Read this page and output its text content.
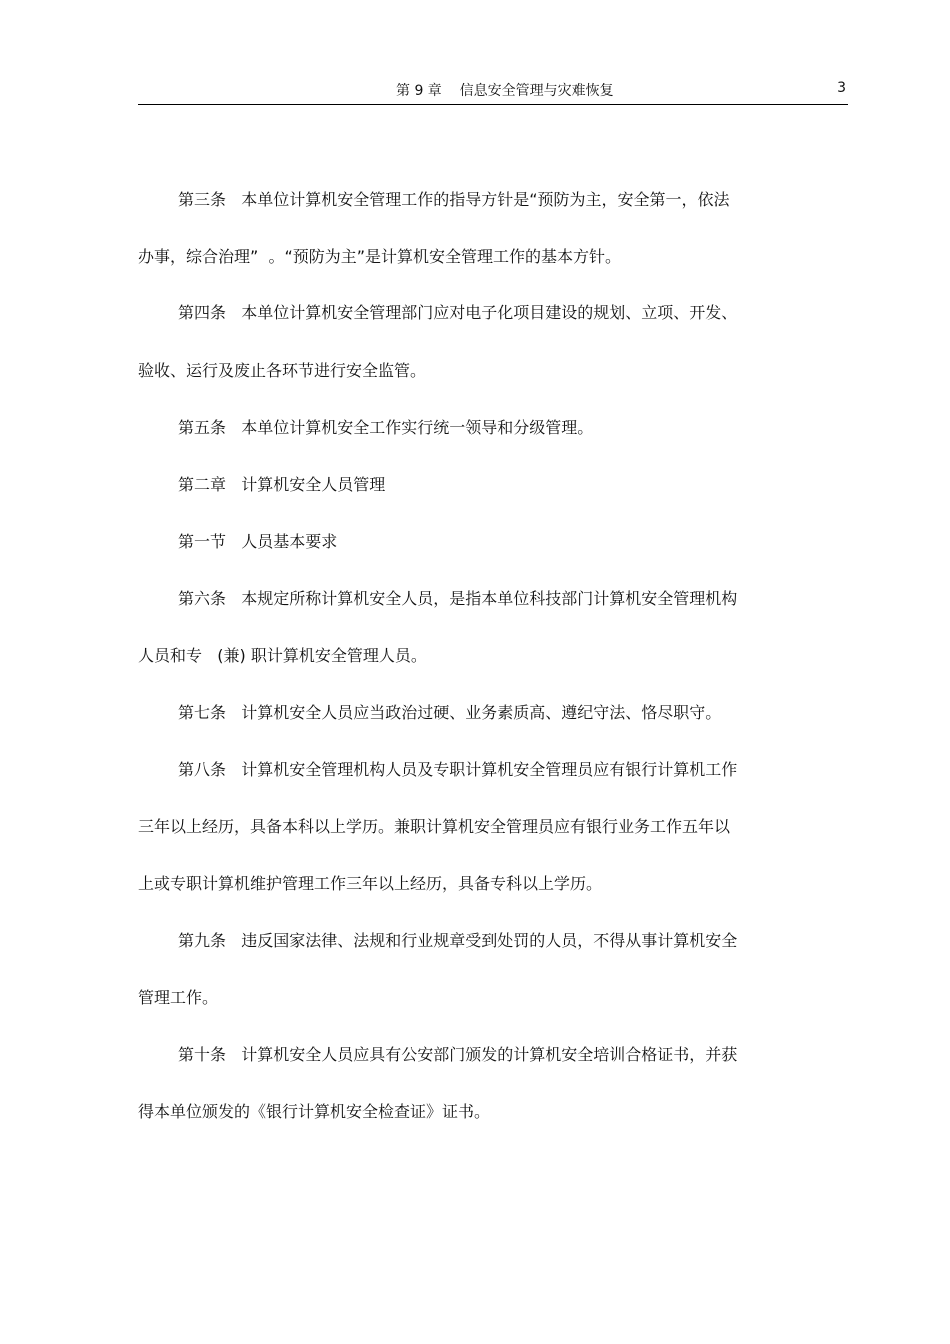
第 9 章    信息安全管理与灾难恢复	3
第三条   本单位计算机安全管理工作的指导方针是“预防为主，安全第一，依法
办事，综合治理”  。“预防为主”是计算机安全管理工作的基本方针。
第四条   本单位计算机安全管理部门应对电子化项目建设的规划、立项、开发、
验收、运行及废止各环节进行安全监管。
第五条   本单位计算机安全工作实行统一领导和分级管理。
第二章   计算机安全人员管理
第一节   人员基本要求
第六条   本规定所称计算机安全人员，是指本单位科技部门计算机安全管理机构
人员和专   (兼) 职计算机安全管理人员。
第七条   计算机安全人员应当政治过硬、业务素质高、遵纪守法、恪尽职守。
第八条   计算机安全管理机构人员及专职计算机安全管理员应有银行计算机工作
三年以上经历，具备本科以上学历。兼职计算机安全管理员应有银行业务工作五年以
上或专职计算机维护管理工作三年以上经历，具备专科以上学历。
第九条   违反国家法律、法规和行业规章受到处罚的人员，不得从事计算机安全
管理工作。
第十条   计算机安全人员应具有公安部门颁发的计算机安全培训合格证书，并获
得本单位颁发的《银行计算机安全检查证》证书。
